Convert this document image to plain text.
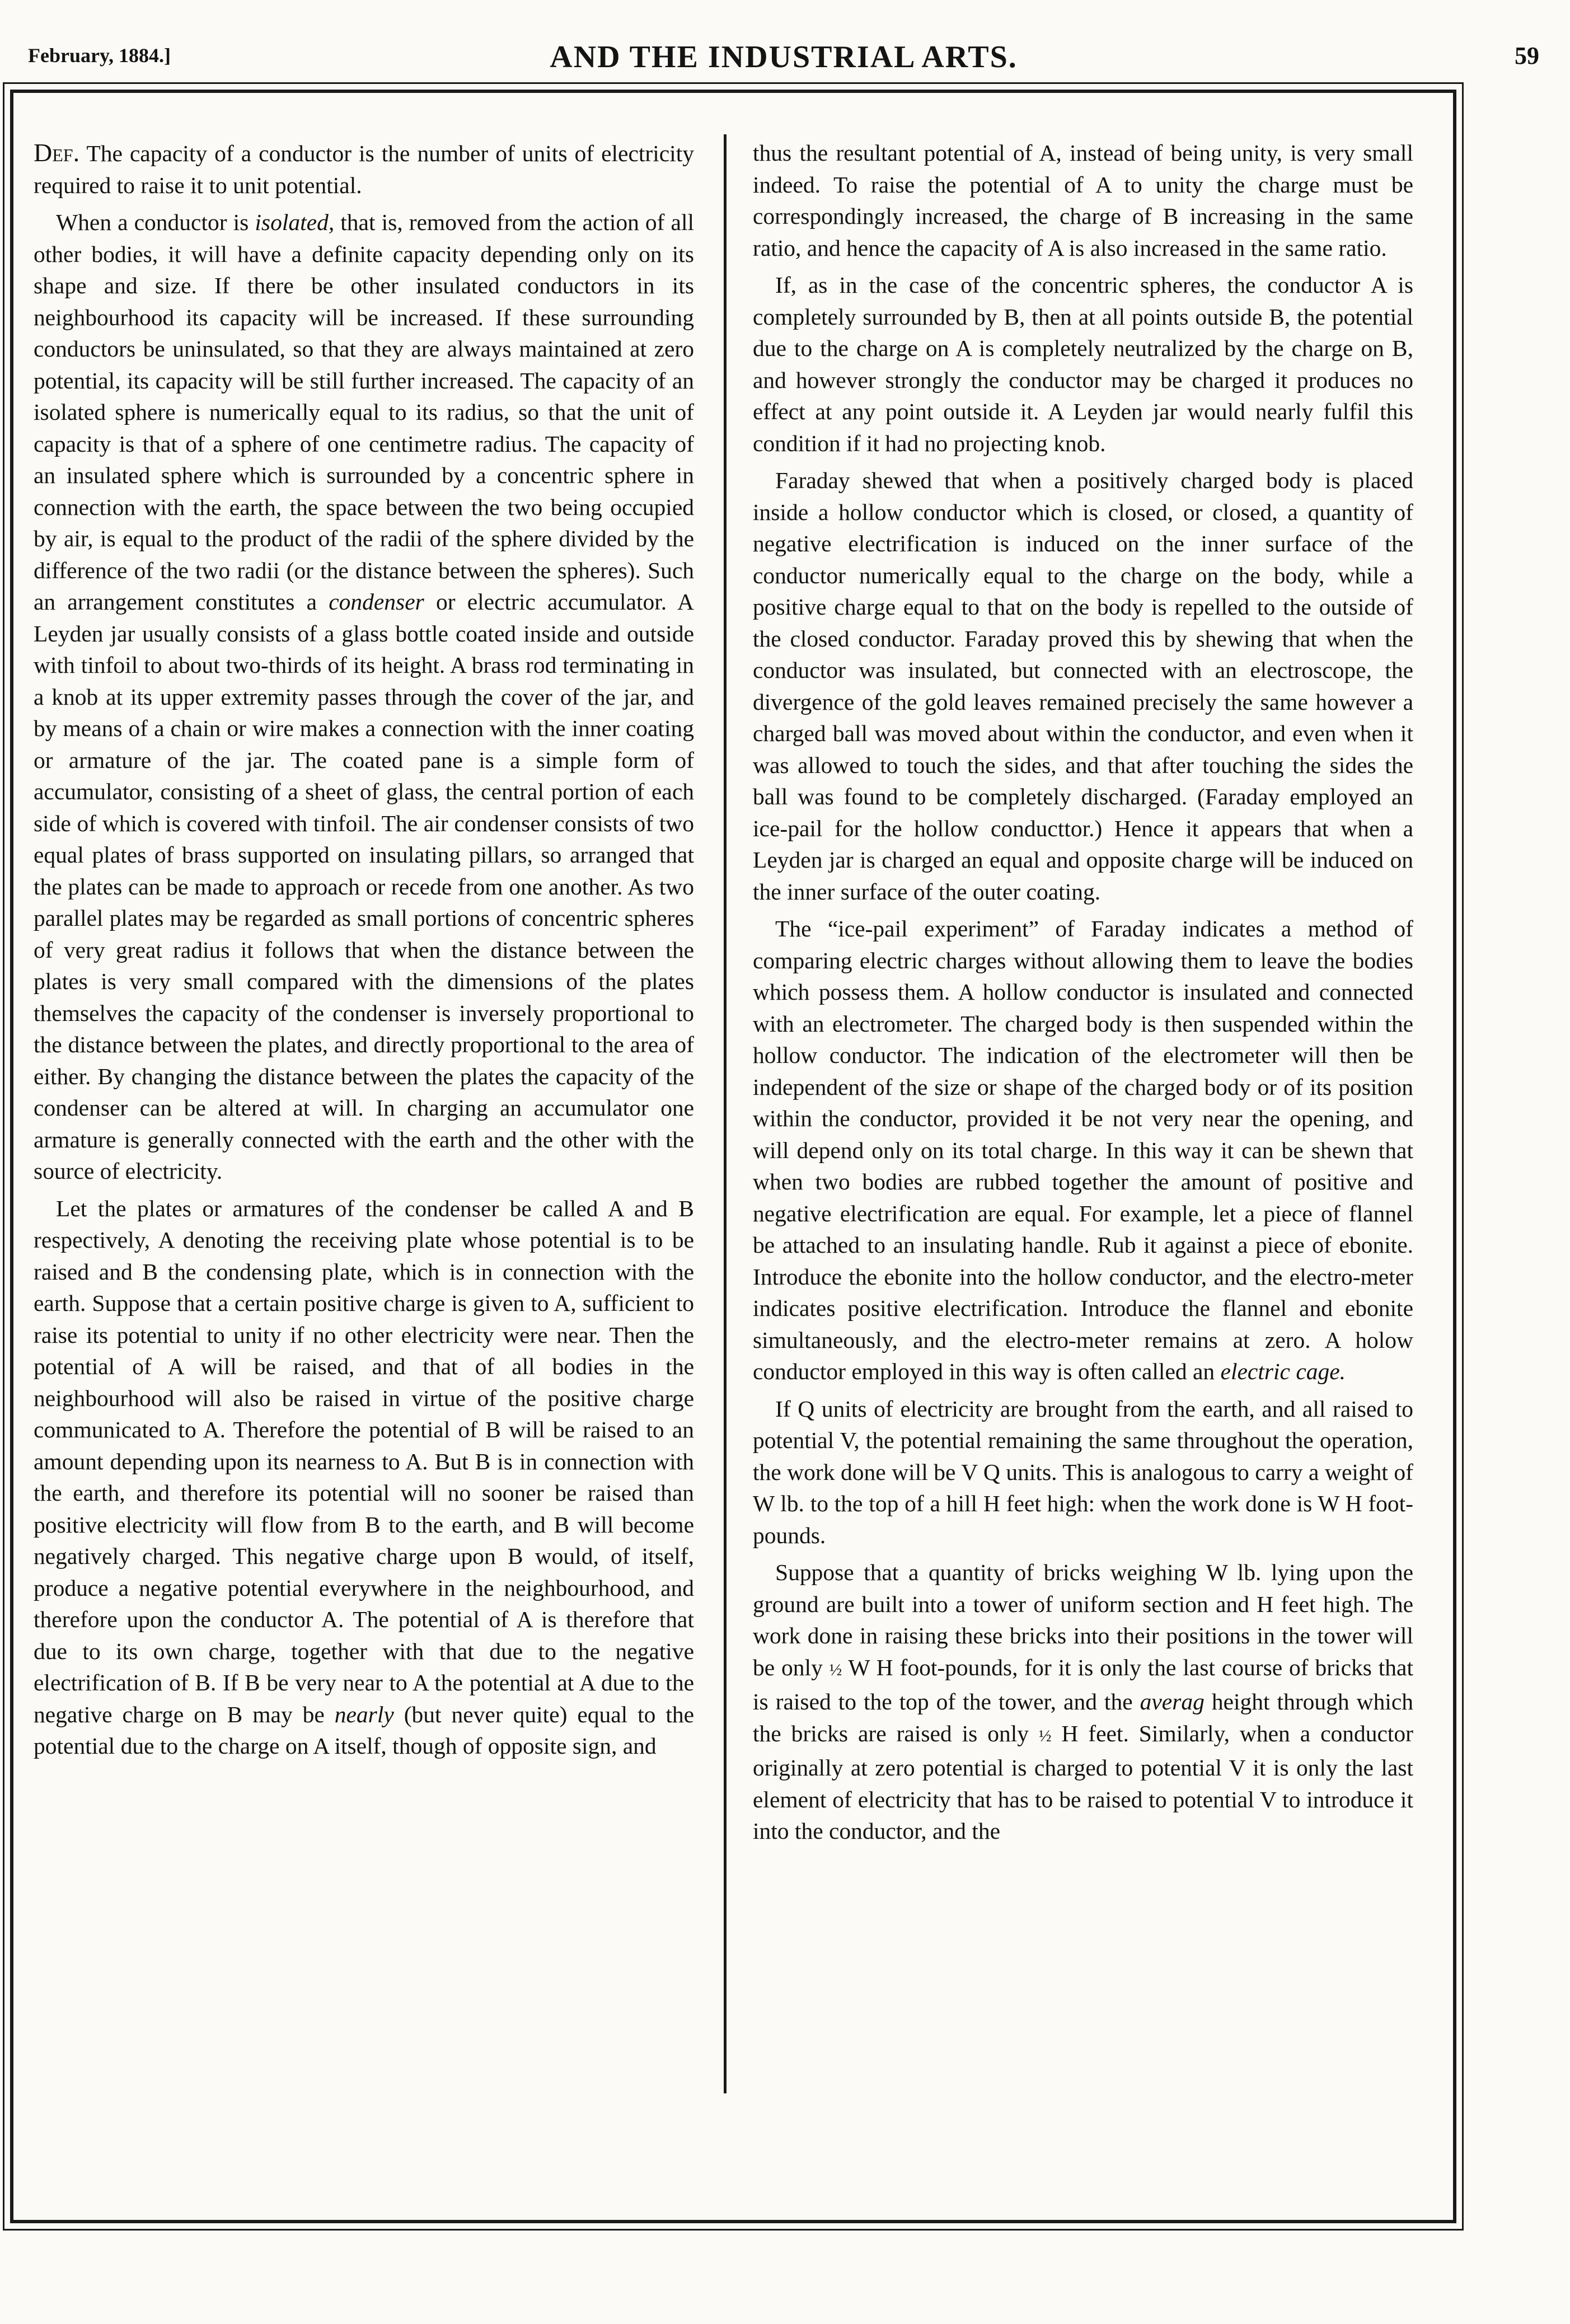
February, 1884.]	AND THE INDUSTRIAL ARTS.	59

Def. The capacity of a conductor is the number of units of electricity required to raise it to unit potential.

When a conductor is isolated, that is, removed from the action of all other bodies, it will have a definite capacity depending only on its shape and size. If there be other insulated conductors in its neighbourhood its capacity will be increased. If these surrounding conductors be uninsulated, so that they are always maintained at zero potential, its capacity will be still further increased. The capacity of an isolated sphere is numerically equal to its radius, so that the unit of capacity is that of a sphere of one centimetre radius. The capacity of an insulated sphere which is surrounded by a concentric sphere in connection with the earth, the space between the two being occupied by air, is equal to the product of the radii of the sphere divided by the difference of the two radii (or the distance between the spheres). Such an arrangement constitutes a condenser or electric accumulator. A Leyden jar usually consists of a glass bottle coated inside and outside with tinfoil to about two-thirds of its height. A brass rod terminating in a knob at its upper extremity passes through the cover of the jar, and by means of a chain or wire makes a connection with the inner coating or armature of the jar. The coated pane is a simple form of accumulator, consisting of a sheet of glass, the central portion of each side of which is covered with tinfoil. The air condenser consists of two equal plates of brass supported on insulating pillars, so arranged that the plates can be made to approach or recede from one another. As two parallel plates may be regarded as small portions of concentric spheres of very great radius it follows that when the distance between the plates is very small compared with the dimensions of the plates themselves the capacity of the condenser is inversely proportional to the distance between the plates, and directly proportional to the area of either. By changing the distance between the plates the capacity of the condenser can be altered at will. In charging an accumulator one armature is generally connected with the earth and the other with the source of electricity.

Let the plates or armatures of the condenser be called A and B respectively, A denoting the receiving plate whose potential is to be raised and B the condensing plate, which is in connection with the earth. Suppose that a certain positive charge is given to A, sufficient to raise its potential to unity if no other electricity were near. Then the potential of A will be raised, and that of all bodies in the neighbourhood will also be raised in virtue of the positive charge communicated to A. Therefore the potential of B will be raised to an amount depending upon its nearness to A. But B is in connection with the earth, and therefore its potential will no sooner be raised than positive electricity will flow from B to the earth, and B will become negatively charged. This negative charge upon B would, of itself, produce a negative potential everywhere in the neighbourhood, and therefore upon the conductor A. The potential of A is therefore that due to its own charge, together with that due to the negative electrification of B. If B be very near to A the potential at A due to the negative charge on B may be nearly (but never quite) equal to the potential due to the charge on A itself, though of opposite sign, and

thus the resultant potential of A, instead of being unity, is very small indeed. To raise the potential of A to unity the charge must be correspondingly increased, the charge of B increasing in the same ratio, and hence the capacity of A is also increased in the same ratio.

If, as in the case of the concentric spheres, the conductor A is completely surrounded by B, then at all points outside B, the potential due to the charge on A is completely neutralized by the charge on B, and however strongly the conductor may be charged it produces no effect at any point outside it. A Leyden jar would nearly fulfil this condition if it had no projecting knob.

Faraday shewed that when a positively charged body is placed inside a hollow conductor which is closed, or closed, a quantity of negative electrification is induced on the inner surface of the conductor numerically equal to the charge on the body, while a positive charge equal to that on the body is repelled to the outside of the closed conductor. Faraday proved this by shewing that when the conductor was insulated, but connected with an electroscope, the divergence of the gold leaves remained precisely the same however a charged ball was moved about within the conductor, and even when it was allowed to touch the sides, and that after touching the sides the ball was found to be completely discharged. (Faraday employed an ice-pail for the hollow conducttor.) Hence it appears that when a Leyden jar is charged an equal and opposite charge will be induced on the inner surface of the outer coating.

The “ice-pail experiment” of Faraday indicates a method of comparing electric charges without allowing them to leave the bodies which possess them. A hollow conductor is insulated and connected with an electrometer. The charged body is then suspended within the hollow conductor. The indication of the electrometer will then be independent of the size or shape of the charged body or of its position within the conductor, provided it be not very near the opening, and will depend only on its total charge. In this way it can be shewn that when two bodies are rubbed together the amount of positive and negative electrification are equal. For example, let a piece of flannel be attached to an insulating handle. Rub it against a piece of ebonite. Introduce the ebonite into the hollow conductor, and the electro-meter indicates positive electrification. Introduce the flannel and ebonite simultaneously, and the electro-meter remains at zero. A holow conductor employed in this way is often called an electric cage.

If Q units of electricity are brought from the earth, and all raised to potential V, the potential remaining the same throughout the operation, the work done will be V Q units. This is analogous to carry a weight of W lb. to the top of a hill H feet high: when the work done is W H foot-pounds.

Suppose that a quantity of bricks weighing W lb. lying upon the ground are built into a tower of uniform section and H feet high. The work done in raising these bricks into their positions in the tower will be only ½ W H foot-pounds, for it is only the last course of bricks that is raised to the top of the tower, and the averag height through which the bricks are raised is only ½ H feet. Similarly, when a conductor originally at zero potential is charged to potential V it is only the last element of electricity that has to be raised to potential V to introduce it into the conductor, and the
